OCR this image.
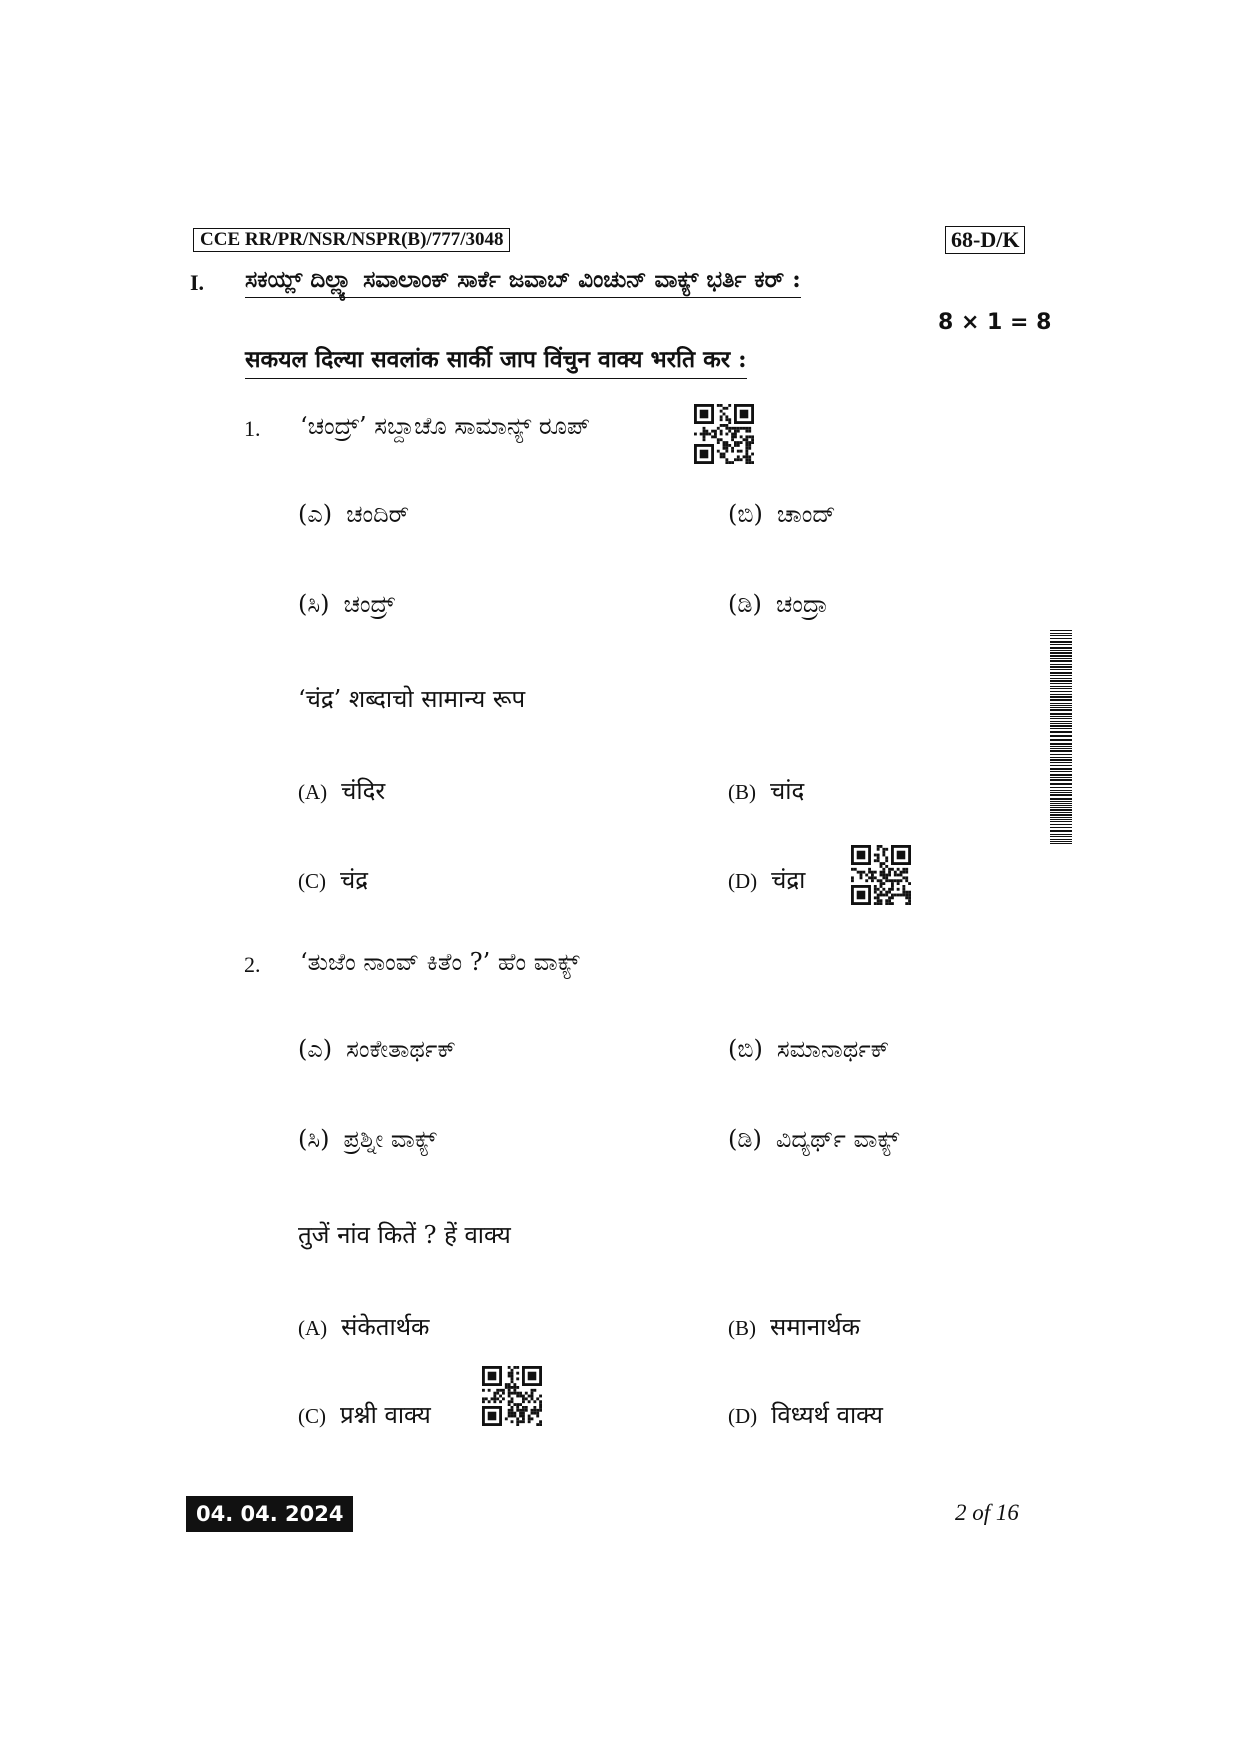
CCE RR/PR/NSR/NSPR(B)/777/3048	68-D/K
I. ಸಕಯ್ಲ್ ದಿಲ್ಲ್ಯಾ ಸವಾಲಾಂಕ್ ಸಾರ್ಕೆ ಜವಾಬ್ ವಿಂಚುನ್ ವಾಕ್ಯ್ ಭರ್ತಿ ಕರ್ :
8 × 1 = 8
सकयल दिल्या सवलांक सार्की जाप विंचुन वाक्य भरति कर :
1. ‘ಚಂದ್ರ್’ ಸಬ್ದಾಚೊ ಸಾಮಾನ್ಯ್ ರೂಪ್
(ಎ) ಚಂದಿರ್	(ಬಿ) ಚಾಂದ್
(ಸಿ) ಚಂದ್ರ್	(ಡಿ) ಚಂದ್ರಾ
‘चंद्र’ शब्दाचो सामान्य रूप
(A) चंदिर	(B) चांद
(C) चंद्र	(D) चंद्रा
2. ‘ತುಜೆಂ ನಾಂವ್ ಕಿತೆಂ ?’ ಹೆಂ ವಾಕ್ಯ್
(ಎ) ಸಂಕೇತಾರ್ಥಕ್	(ಬಿ) ಸಮಾನಾರ್ಥಕ್
(ಸಿ) ಪ್ರಶ್ನೀ ವಾಕ್ಯ್	(ಡಿ) ವಿದ್ಯರ್ಥ್ ವಾಕ್ಯ್
तुजें नांव कितें ? हें वाक्य
(A) संकेतार्थक	(B) समानार्थक
(C) प्रश्नी वाक्य	(D) विध्यर्थ वाक्य
04. 04. 2024	2 of 16
